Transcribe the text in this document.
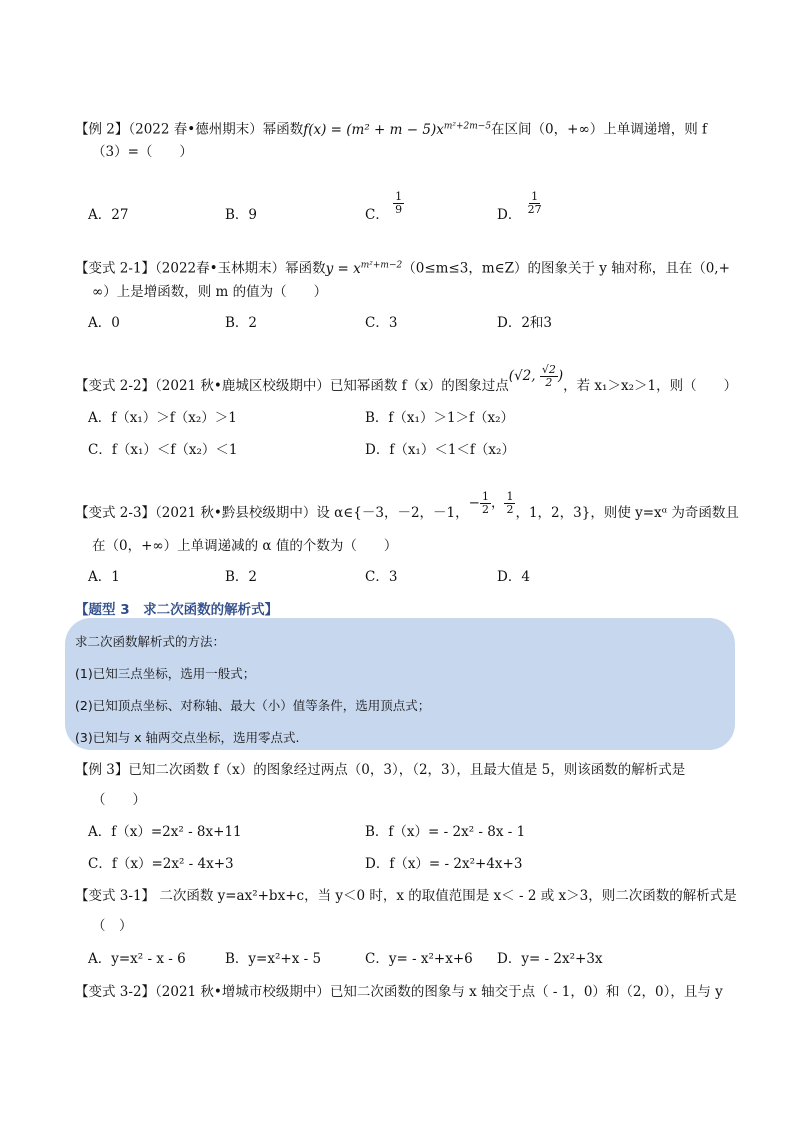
【例 2】（2022 春•德州期末）幂函数$f(x) = (m^2 + m - 5)x^{m^2+2m-5}$在区间（0，+∞）上单调递增，则 f
（3）=（　　）
A．27	B．9	C． $\frac{1}{9}$	D． $\frac{1}{27}$
【变式 2-1】（2022春•玉林期末）幂函数$y = x^{m^2+m-2}(0\le m\le 3$，m∈Z）的图象关于 y 轴对称，且在（0,+
∞）上是增函数，则 m 的值为（　　）
A．0	B．2	C．3	D．2和3
【变式 2-2】（2021 秋•鹿城区校级期中）已知幂函数 f（x）的图象过点(√2, $\frac{√2}{2}$ )，若 x₁＞x₂＞1，则（　　）
A．f（x₁）＞f（x₂）＞1	B．f（x₁）＞1＞f（x₂）
C．f（x₁）＜f（x₂）＜1	D．f（x₁）＜1＜f（x₂）
【变式 2-3】（2021 秋•黔县校级期中）设 α∈{－3，－2，－1，− $\frac{1}{2}$ ， $\frac{1}{2}$ ，1，2，3}，则使 y=xᵅ 为奇函数且
在（0，+∞）上单调递减的 α 值的个数为（　　）
A．1	B．2	C．3	D．4
【题型 3　求二次函数的解析式】
求二次函数解析式的方法：
(1)已知三点坐标，选用一般式；
(2)已知顶点坐标、对称轴、最大（小）值等条件，选用顶点式；
(3)已知与 x 轴两交点坐标，选用零点式.
【例 3】已知二次函数 f（x）的图象经过两点（0，3），（2，3），且最大值是 5，则该函数的解析式是
（　　）
A．f（x）=2x² - 8x+11	B．f（x）= - 2x² - 8x - 1
C．f（x）=2x² - 4x+3	D．f（x）= - 2x²+4x+3
【变式 3-1】 二次函数 y=ax²+bx+c，当 y＜0 时，x 的取值范围是 x＜ - 2 或 x＞3，则二次函数的解析式是
（　）
A．y=x² - x - 6	B．y=x²+x - 5	C．y= - x²+x+6 D．y= - 2x²+3x
【变式 3-2】（2021 秋•增城市校级期中）已知二次函数的图象与 x 轴交于点（ - 1，0）和（2，0），且与 y
